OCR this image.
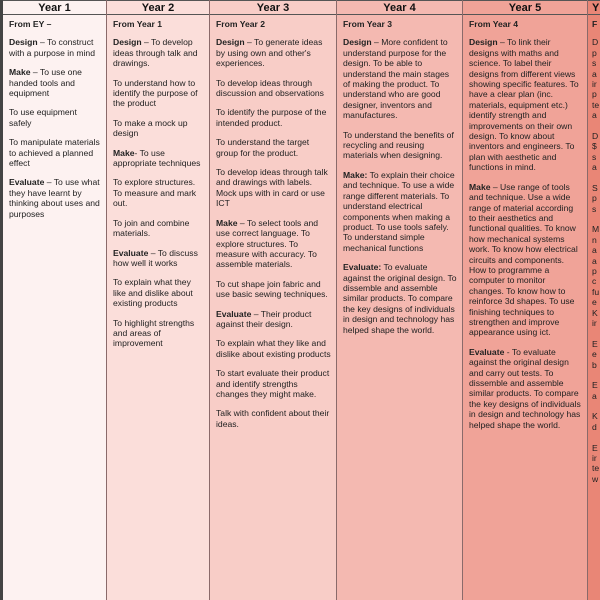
Year 1
From EY –
Design – To construct with a purpose in mind
Make – To use one handed tools and equipment
To use equipment safely
To manipulate materials to achieved a planned effect
Evaluate – To use what they have learnt by thinking about uses and purposes
Year 2
From Year 1
Design – To develop ideas through talk and drawings.
To understand how to identify the purpose of the product
To make a mock up design
Make- To use appropriate techniques
To explore structures. To measure and mark out.
To join and combine materials.
Evaluate – To discuss how well it works
To explain what they like and dislike about existing products
To highlight strengths and areas of improvement
Year 3
From Year 2
Design – To generate ideas by using own and other's experiences.
To develop ideas through discussion and observations
To identify the purpose of the intended product.
To understand the target group for the product.
To develop ideas through talk and drawings with labels. Mock ups with in card or use ICT
Make – To select tools and use correct language. To explore structures. To measure with accuracy. To assemble materials.
To cut shape join fabric and use basic sewing techniques.
Evaluate – Their product against their design.
To explain what they like and dislike about existing products
To start evaluate their product and identify strengths changes they might make.
Talk with confident about their ideas.
Year 4
From Year 3
Design – More confident to understand purpose for the design. To be able to understand the main stages of making the product. To understand who are good designer, inventors and manufactures.
To understand the benefits of recycling and reusing materials when designing.
Make: To explain their choice and technique. To use a wide range different materials. To understand electrical components when making a product. To use tools safely. To understand simple mechanical functions
Evaluate: To evaluate against the original design. To dissemble and assemble similar products. To compare the key designs of individuals in design and technology has helped shape the world.
Year 5
From Year 4
Design – To link their designs with maths and science. To label their designs from different views showing specific features. To have a clear plan (inc. materials, equipment etc.) identify strength and improvements on their own design. To know about inventors and engineers. To plan with aesthetic and functions in mind.
Make – Use range of tools and technique. Use a wide range of material according to their aesthetics and functional qualities. To know how mechanical systems work. To know how electrical circuits and components. How to programme a computer to monitor changes. To know how to reinforce 3d shapes. To use finishing techniques to strengthen and improve appearance using ict.
Evaluate - To evaluate against the original design and carry out tests. To dissemble and assemble similar products. To compare the key designs of individuals in design and technology has helped shape the world.
Y
F
D
p
s
a
ir
p
te
a
D
$
s
a
S
p
s
M
n
a
a
p
c
fu
e
K
ir
E
e
b
E
a
K
d
E
ir
te
w
